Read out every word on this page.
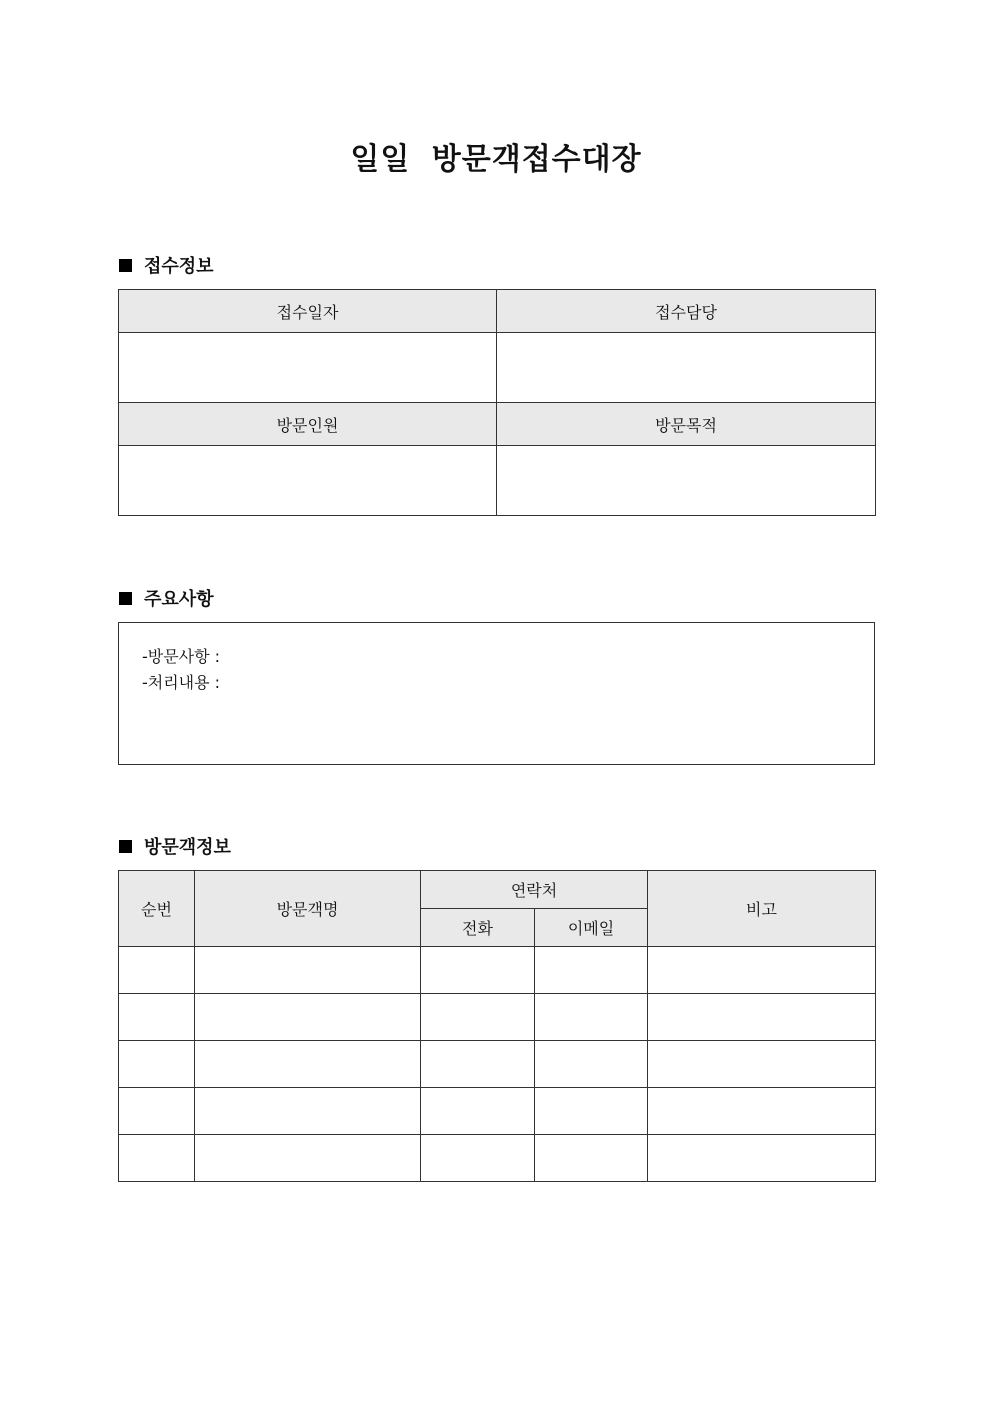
일일 방문객접수대장
접수정보
접수일자	접수담당

방문인원	방문목적

주요사항
-방문사항 :
-처리내용 :
방문객정보
순번	방문객명	연락처		비고
		전화	이메일	
